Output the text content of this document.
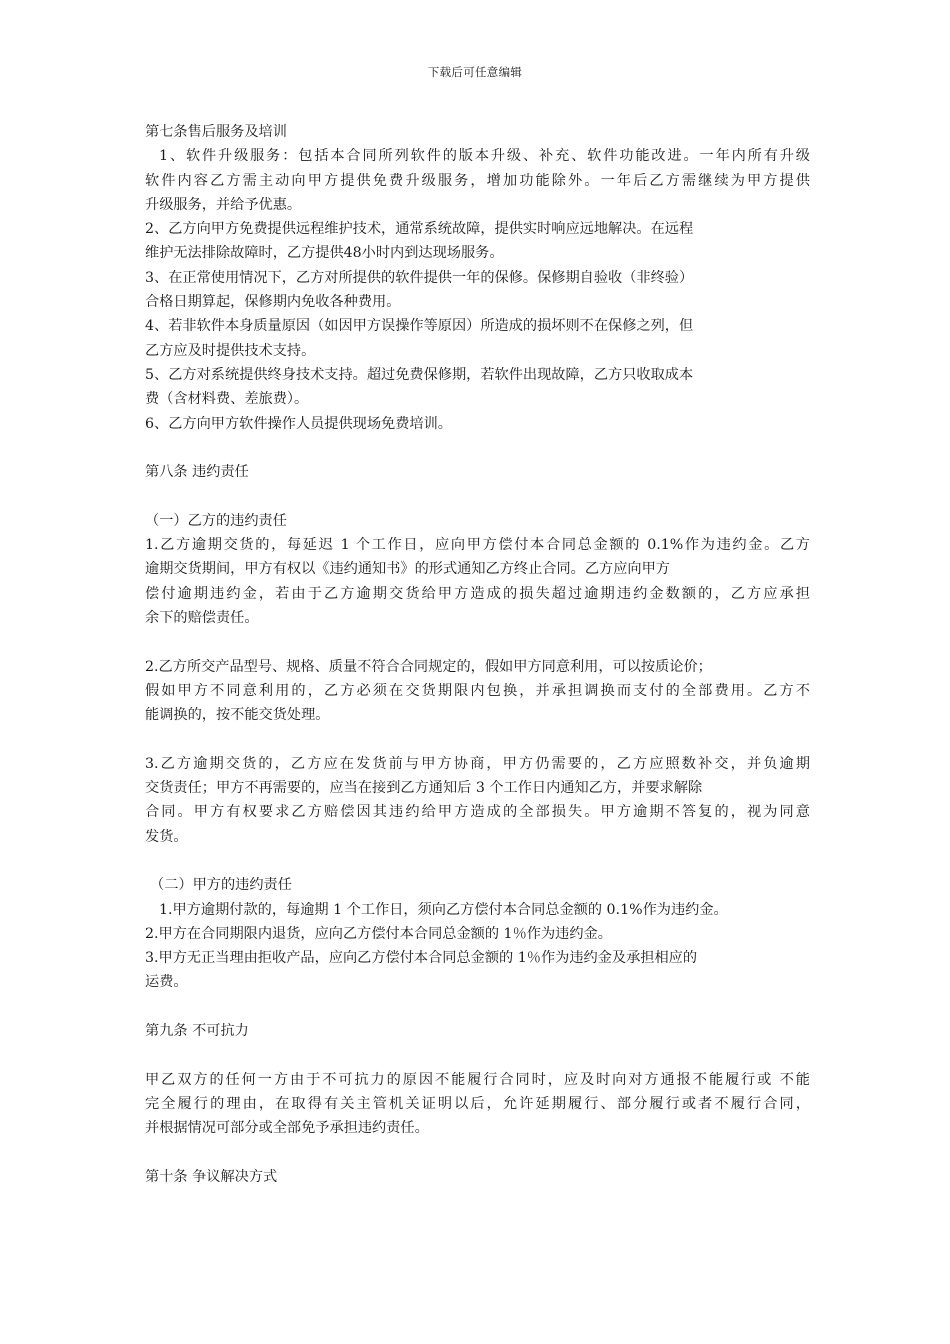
下载后可任意编辑
第七条售后服务及培训
1、软件升级服务：包括本合同所列软件的版本升级、补充、软件功能改进。一年内所有升级
软件内容乙方需主动向甲方提供免费升级服务，增加功能除外。一年后乙方需继续为甲方提供
升级服务，并给予优惠。
2、乙方向甲方免费提供远程维护技术，通常系统故障，提供实时响应远地解决。在远程
维护无法排除故障时，乙方提供48小时内到达现场服务。
3、在正常使用情况下，乙方对所提供的软件提供一年的保修。保修期自验收（非终验）
合格日期算起，保修期内免收各种费用。
4、若非软件本身质量原因（如因甲方误操作等原因）所造成的损坏则不在保修之列，但
乙方应及时提供技术支持。
5、乙方对系统提供终身技术支持。超过免费保修期，若软件出现故障，乙方只收取成本
费（含材料费、差旅费）。
6、乙方向甲方软件操作人员提供现场免费培训。
第八条 违约责任
（一）乙方的违约责任
1.乙方逾期交货的，每延迟 1 个工作日，应向甲方偿付本合同总金额的 0.1%作为违约金。乙方
逾期交货期间，甲方有权以《违约通知书》的形式通知乙方终止合同。乙方应向甲方
偿付逾期违约金，若由于乙方逾期交货给甲方造成的损失超过逾期违约金数额的，乙方应承担
余下的赔偿责任。
2.乙方所交产品型号、规格、质量不符合合同规定的，假如甲方同意利用，可以按质论价；
假如甲方不同意利用的，乙方必须在交货期限内包换，并承担调换而支付的全部费用。乙方不
能调换的，按不能交货处理。
3.乙方逾期交货的，乙方应在发货前与甲方协商，甲方仍需要的，乙方应照数补交，并负逾期
交货责任；甲方不再需要的，应当在接到乙方通知后 3 个工作日内通知乙方，并要求解除
合同。甲方有权要求乙方赔偿因其违约给甲方造成的全部损失。甲方逾期不答复的，视为同意
发货。
（二）甲方的违约责任
1.甲方逾期付款的，每逾期 1 个工作日，须向乙方偿付本合同总金额的 0.1%作为违约金。
2.甲方在合同期限内退货，应向乙方偿付本合同总金额的 1％作为违约金。
3.甲方无正当理由拒收产品，应向乙方偿付本合同总金额的 1％作为违约金及承担相应的
运费。
第九条 不可抗力
甲乙双方的任何一方由于不可抗力的原因不能履行合同时，应及时向对方通报不能履行或 不能
完全履行的理由，在取得有关主管机关证明以后，允许延期履行、部分履行或者不履行合同，
并根据情况可部分或全部免予承担违约责任。
第十条 争议解决方式
